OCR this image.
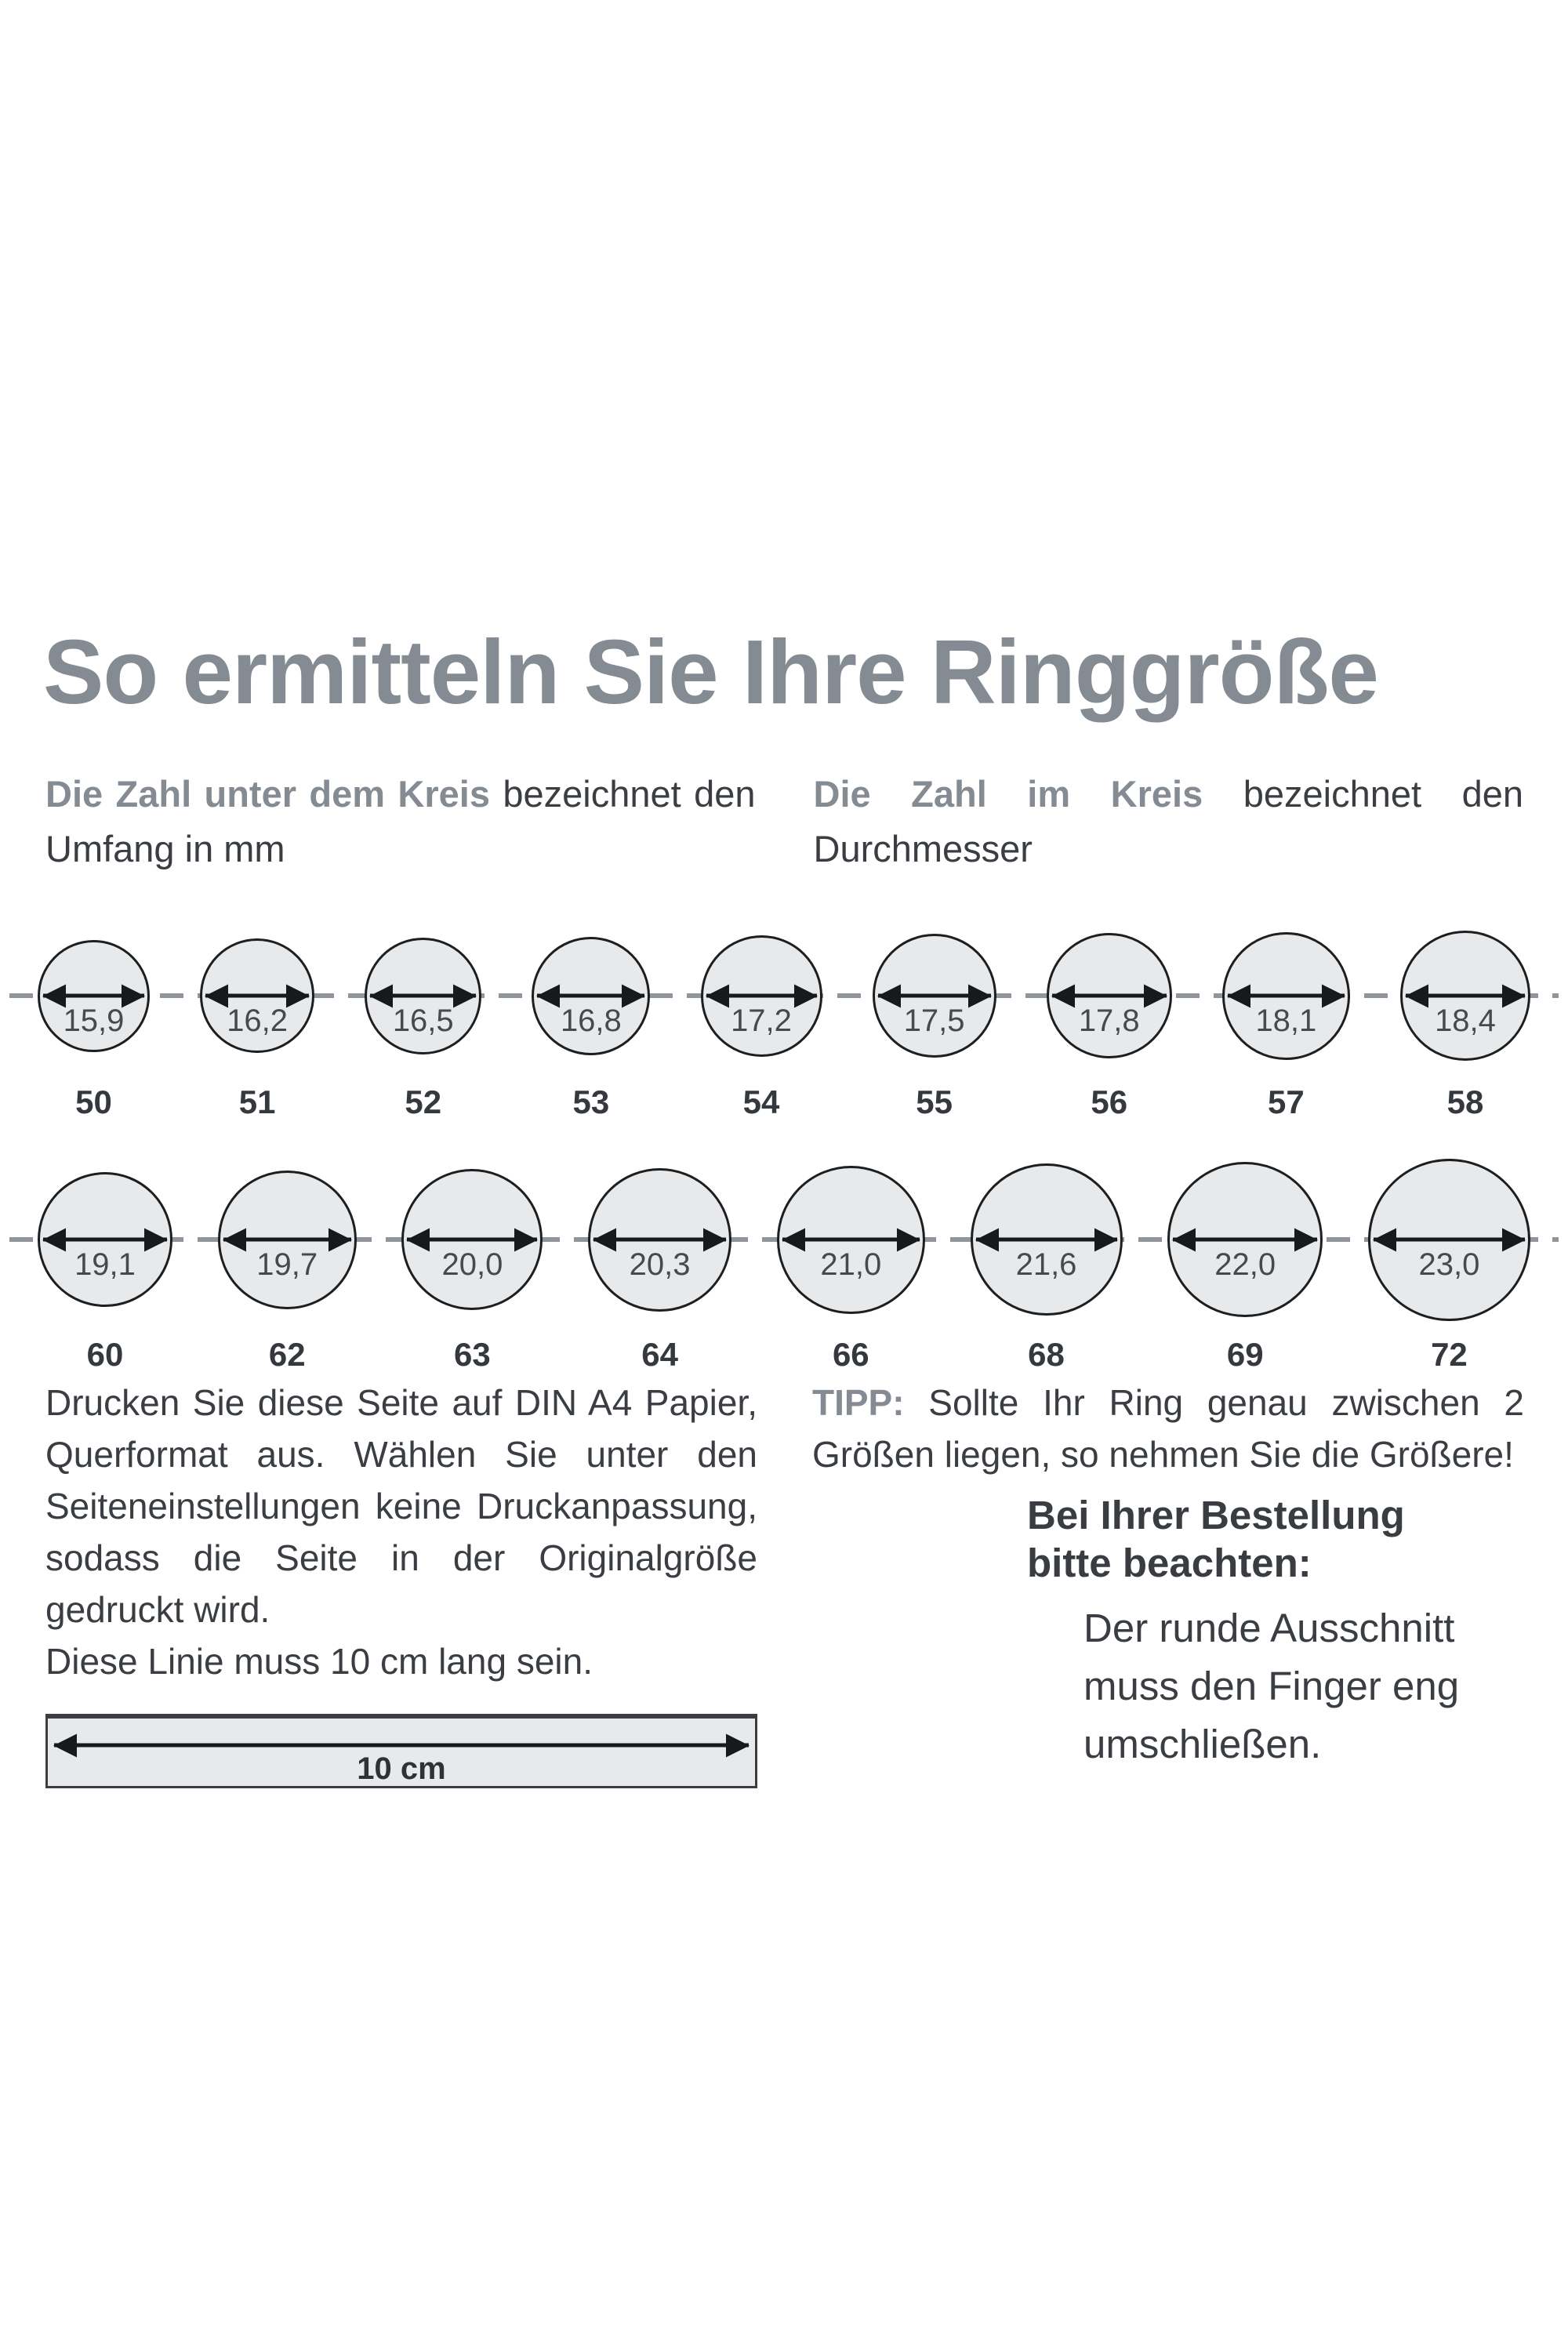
So ermitteln Sie Ihre Ringgröße

Die Zahl unter dem Kreis bezeichnet den Umfang in mm

Die Zahl im Kreis bezeichnet den Durchmesser

15,9
50
16,2
51
16,5
52
16,8
53
17,2
54
17,5
55
17,8
56
18,1
57
18,4
58
19,1
60
19,7
62
20,0
63
20,3
64
21,0
66
21,6
68
22,0
69
23,0
72

Drucken Sie diese Seite auf DIN A4 Papier, Querformat aus. Wählen Sie unter den Seiteneinstellungen keine Druckanpassung, sodass die Seite in der Originalgröße gedruckt wird.

Diese Linie muss 10 cm lang sein.

10 cm

TIPP: Sollte Ihr Ring genau zwischen 2 Größen liegen, so nehmen Sie die Größere!

Bei Ihrer Bestellung
bitte beachten:
Der runde Ausschnitt muss den Finger eng umschließen.
